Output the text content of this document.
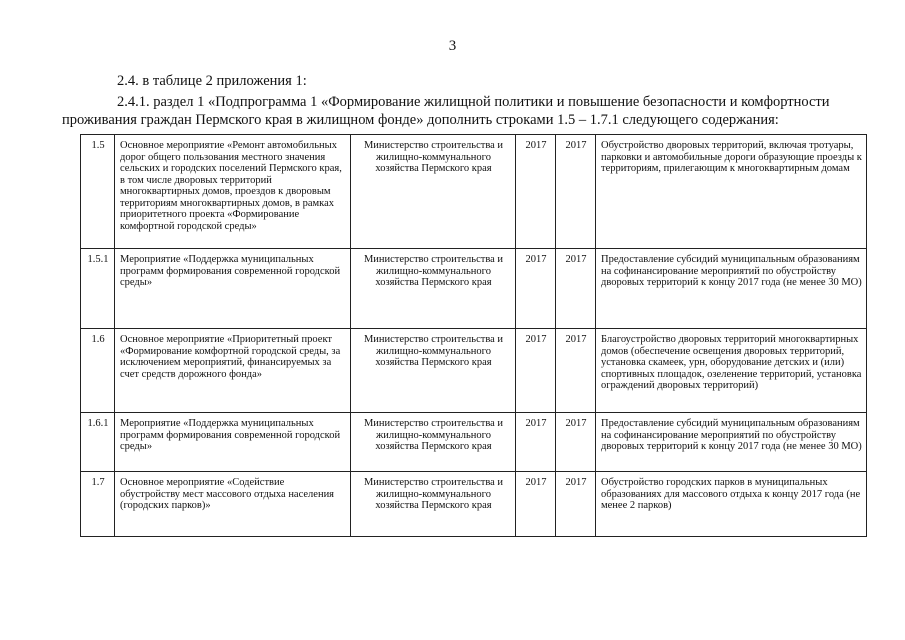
3
2.4. в таблице 2 приложения 1:
2.4.1. раздел 1 «Подпрограмма 1 «Формирование жилищной политики и повышение безопасности и комфортности
проживания граждан Пермского края в жилищном фонде» дополнить строками 1.5 – 1.7.1 следующего содержания:
1.5	Основное мероприятие «Ремонт автомобильных дорог общего пользования местного значения сельских и городских поселений Пермского края, в том числе дворовых территорий многоквартирных домов, проездов к дворовым территориям многоквартирных домов, в рамках приоритетного проекта «Формирование комфортной городской среды»	Министерство строительства и жилищно-коммунального хозяйства Пермского края	2017	2017	Обустройство дворовых территорий, включая тротуары, парковки и автомобильные дороги образующие проезды к территориям, прилегающим к многоквартирным домам
1.5.1	Мероприятие «Поддержка муниципальных программ формирования современной городской среды»	Министерство строительства и жилищно-коммунального хозяйства Пермского края	2017	2017	Предоставление субсидий муниципальным образованиям на софинансирование мероприятий по обустройству дворовых территорий к концу 2017 года (не менее 30 МО)
1.6	Основное мероприятие «Приоритетный проект «Формирование комфортной городской среды, за исключением мероприятий, финансируемых за счет средств дорожного фонда»	Министерство строительства и жилищно-коммунального хозяйства Пермского края	2017	2017	Благоустройство дворовых территорий многоквартирных домов (обеспечение освещения дворовых территорий, установка скамеек, урн, оборудование детских и (или) спортивных площадок, озеленение территорий, установка ограждений дворовых территорий)
1.6.1	Мероприятие «Поддержка муниципальных программ формирования современной городской среды»	Министерство строительства и жилищно-коммунального хозяйства Пермского края	2017	2017	Предоставление субсидий муниципальным образованиям на софинансирование мероприятий по обустройству дворовых территорий к концу 2017 года (не менее 30 МО)
1.7	Основное мероприятие «Содействие обустройству мест массового отдыха населения (городских парков)»	Министерство строительства и жилищно-коммунального хозяйства Пермского края	2017	2017	Обустройство городских парков в муниципальных образованиях для массового отдыха к концу 2017 года (не менее 2 парков)
